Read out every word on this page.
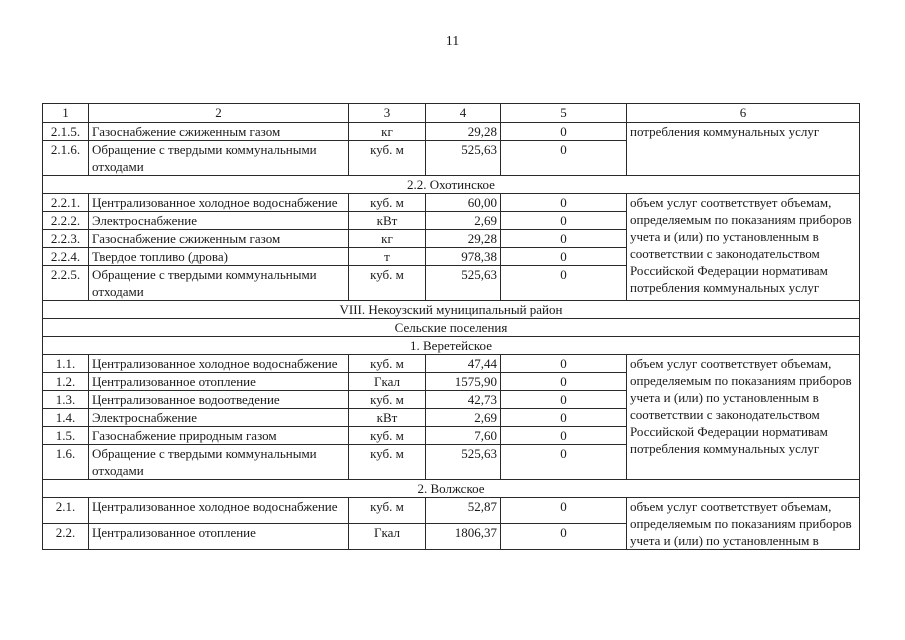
11
1	2	3	4	5	6
2.1.5.	Газоснабжение сжиженным газом	кг	29,28	0	потребления коммунальных услуг
2.1.6.	Обращение с твердыми коммунальными отходами	куб. м	525,63	0	
2.2. Охотинское					
2.2.1.	Централизованное холодное водоснабжение	куб. м	60,00	0	объем услуг соответствует объемам, определяемым по показаниям приборов учета и (или) по установленным в соответствии с законодательством Российской Федерации нормативам потребления коммунальных услуг
2.2.2.	Электроснабжение	кВт	2,69	0	
2.2.3.	Газоснабжение сжиженным газом	кг	29,28	0	
2.2.4.	Твердое топливо (дрова)	т	978,38	0	
2.2.5.	Обращение с твердыми коммунальными отходами	куб. м	525,63	0	
VIII. Некоузский муниципальный район					
Сельские поселения					
1. Веретейское					
1.1.	Централизованное холодное водоснабжение	куб. м	47,44	0	объем услуг соответствует объемам, определяемым по показаниям приборов учета и (или) по установленным в соответствии с законодательством Российской Федерации нормативам потребления коммунальных услуг
1.2.	Централизованное отопление	Гкал	1575,90	0	
1.3.	Централизованное водоотведение	куб. м	42,73	0	
1.4.	Электроснабжение	кВт	2,69	0	
1.5.	Газоснабжение природным газом	куб. м	7,60	0	
1.6.	Обращение с твердыми коммунальными отходами	куб. м	525,63	0	
2. Волжское					
2.1.	Централизованное холодное водоснабжение	куб. м	52,87	0	объем услуг соответствует объемам, определяемым по показаниям приборов учета и (или) по установленным в
2.2.	Централизованное отопление	Гкал	1806,37	0	
